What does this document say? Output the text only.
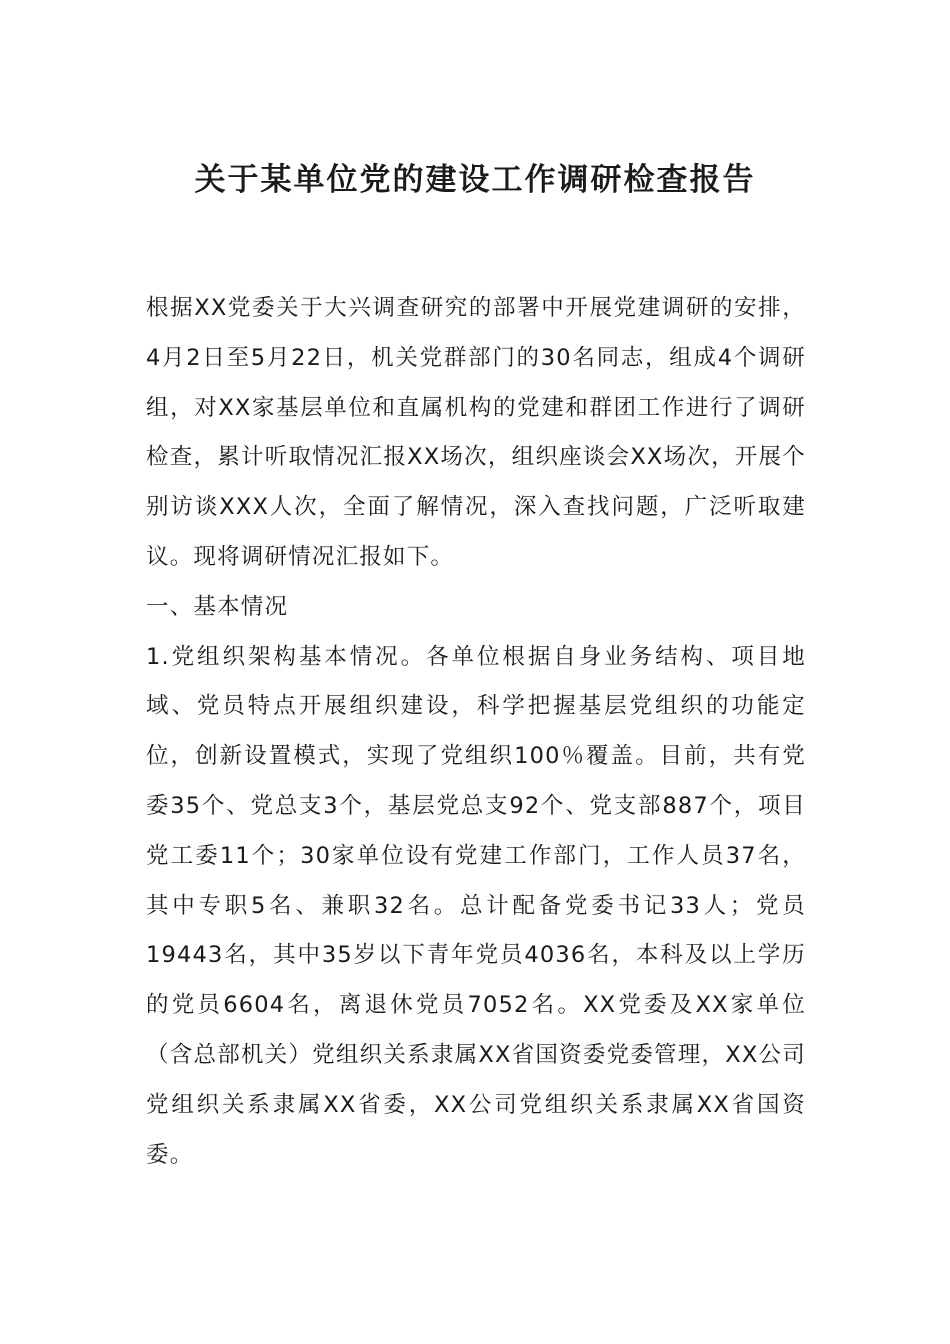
关于某单位党的建设工作调研检查报告

根据XX党委关于大兴调查研究的部署中开展党建调研的安排，4月2日至5月22日，机关党群部门的30名同志，组成4个调研组，对XX家基层单位和直属机构的党建和群团工作进行了调研检查，累计听取情况汇报XX场次，组织座谈会XX场次，开展个别访谈XXX人次，全面了解情况，深入查找问题，广泛听取建议。现将调研情况汇报如下。

一、基本情况

1.党组织架构基本情况。各单位根据自身业务结构、项目地域、党员特点开展组织建设，科学把握基层党组织的功能定位，创新设置模式，实现了党组织100％覆盖。目前，共有党委35个、党总支3个，基层党总支92个、党支部887个，项目党工委11个；30家单位设有党建工作部门，工作人员37名，其中专职5名、兼职32名。总计配备党委书记33人；党员19443名，其中35岁以下青年党员4036名，本科及以上学历的党员6604名，离退休党员7052名。XX党委及XX家单位（含总部机关）党组织关系隶属XX省国资委党委管理，XX公司党组织关系隶属XX省委，XX公司党组织关系隶属XX省国资委。
